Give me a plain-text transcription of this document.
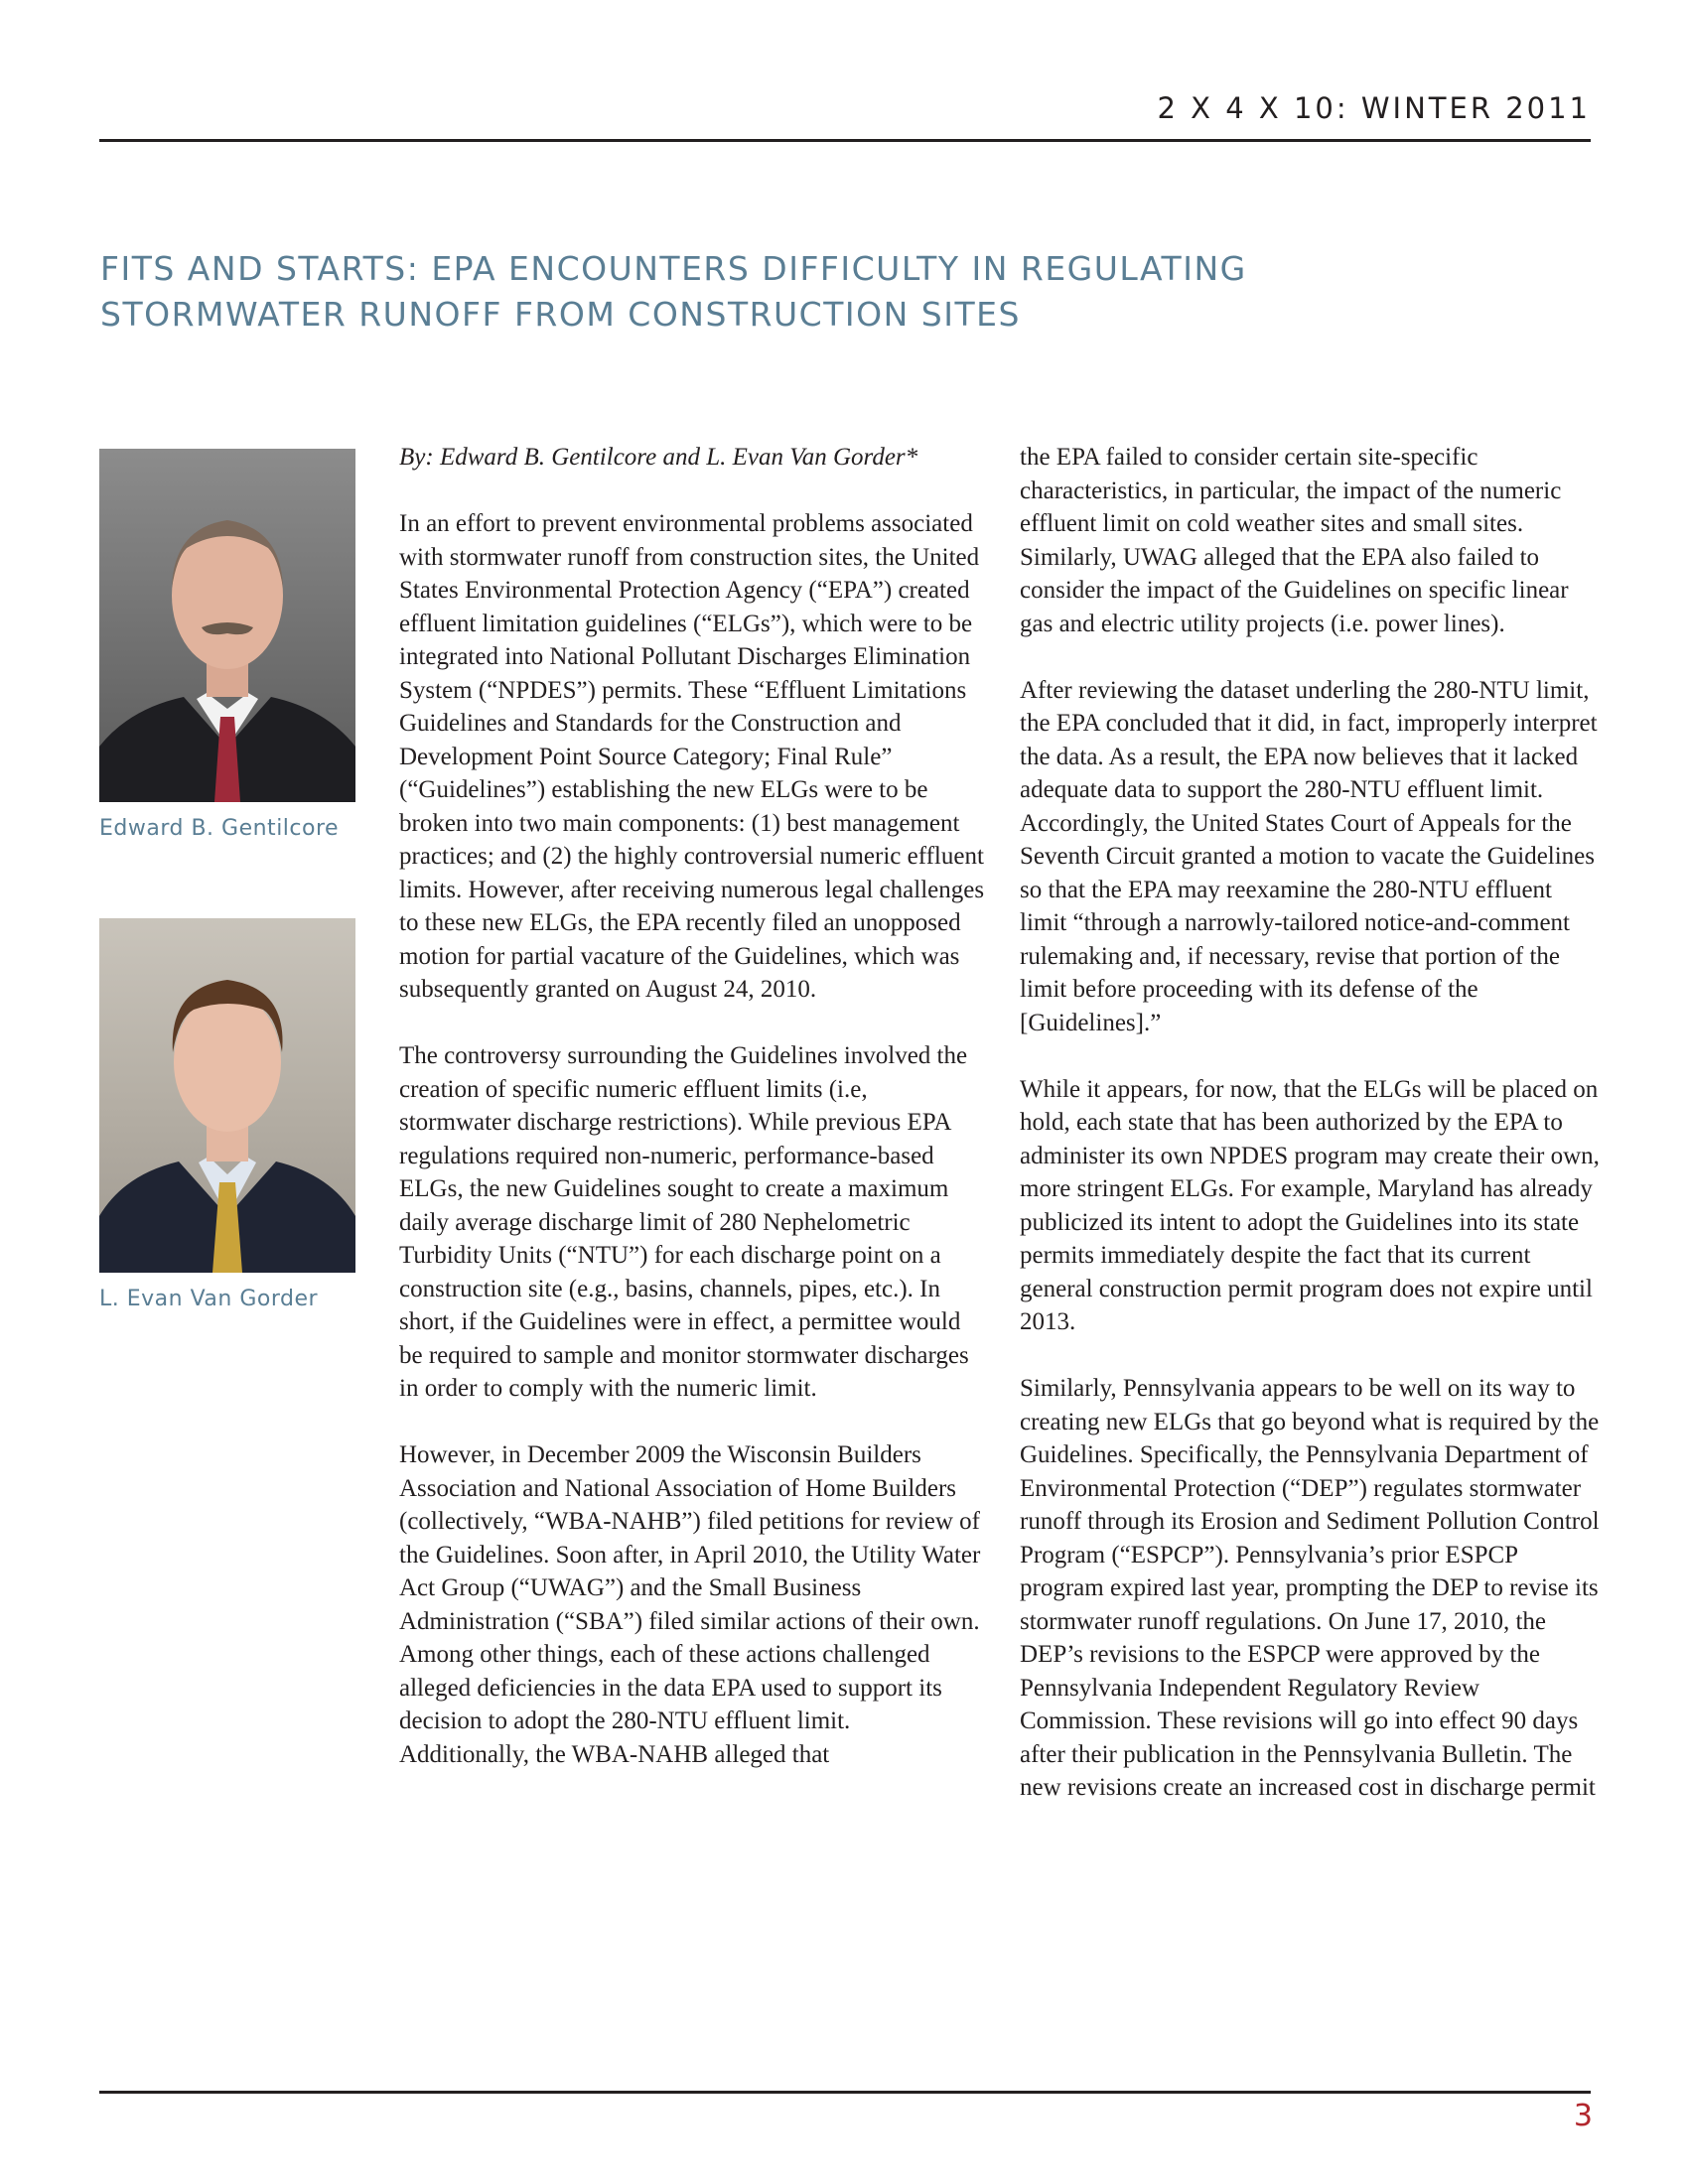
2 X 4 X 10: WINTER 2011
FITS AND STARTS: EPA ENCOUNTERS DIFFICULTY IN REGULATING STORMWATER RUNOFF FROM CONSTRUCTION SITES
Edward B. Gentilcore
L. Evan Van Gorder

By: Edward B. Gentilcore and L. Evan Van Gorder*

In an effort to prevent environmental problems associated with stormwater runoff from construction sites, the United States Environmental Protection Agency (“EPA”) created effluent limitation guidelines (“ELGs”), which were to be integrated into National Pollutant Discharges Elimination System (“NPDES”) permits. These “Effluent Limitations Guidelines and Standards for the Construction and Development Point Source Category; Final Rule” (“Guidelines”) establishing the new ELGs were to be broken into two main components: (1) best management practices; and (2) the highly controversial numeric effluent limits. However, after receiving numerous legal challenges to these new ELGs, the EPA recently filed an unopposed motion for partial vacature of the Guidelines, which was subsequently granted on August 24, 2010.

The controversy surrounding the Guidelines involved the creation of specific numeric effluent limits (i.e, stormwater discharge restrictions). While previous EPA regulations required non-numeric, performance-based ELGs, the new Guidelines sought to create a maximum daily average discharge limit of 280 Nephelometric Turbidity Units (“NTU”) for each discharge point on a construction site (e.g., basins, channels, pipes, etc.). In short, if the Guidelines were in effect, a permittee would be required to sample and monitor stormwater discharges in order to comply with the numeric limit.

However, in December 2009 the Wisconsin Builders Association and National Association of Home Builders (collectively, “WBA-NAHB”) filed petitions for review of the Guidelines. Soon after, in April 2010, the Utility Water Act Group (“UWAG”) and the Small Business Administration (“SBA”) filed similar actions of their own. Among other things, each of these actions challenged alleged deficiencies in the data EPA used to support its decision to adopt the 280-NTU effluent limit. Additionally, the WBA-NAHB alleged that

the EPA failed to consider certain site-specific characteristics, in particular, the impact of the numeric effluent limit on cold weather sites and small sites. Similarly, UWAG alleged that the EPA also failed to consider the impact of the Guidelines on specific linear gas and electric utility projects (i.e. power lines).

After reviewing the dataset underling the 280-NTU limit, the EPA concluded that it did, in fact, improperly interpret the data. As a result, the EPA now believes that it lacked adequate data to support the 280-NTU effluent limit. Accordingly, the United States Court of Appeals for the Seventh Circuit granted a motion to vacate the Guidelines so that the EPA may reexamine the 280-NTU effluent limit “through a narrowly-tailored notice-and-comment rulemaking and, if necessary, revise that portion of the limit before proceeding with its defense of the [Guidelines].”

While it appears, for now, that the ELGs will be placed on hold, each state that has been authorized by the EPA to administer its own NPDES program may create their own, more stringent ELGs. For example, Maryland has already publicized its intent to adopt the Guidelines into its state permits immediately despite the fact that its current general construction permit program does not expire until 2013.

Similarly, Pennsylvania appears to be well on its way to creating new ELGs that go beyond what is required by the Guidelines. Specifically, the Pennsylvania Department of Environmental Protection (“DEP”) regulates stormwater runoff through its Erosion and Sediment Pollution Control Program (“ESPCP”). Pennsylvania’s prior ESPCP program expired last year, prompting the DEP to revise its stormwater runoff regulations. On June 17, 2010, the DEP’s revisions to the ESPCP were approved by the Pennsylvania Independent Regulatory Review Commission. These revisions will go into effect 90 days after their publication in the Pennsylvania Bulletin. The new revisions create an increased cost in discharge permit

3
